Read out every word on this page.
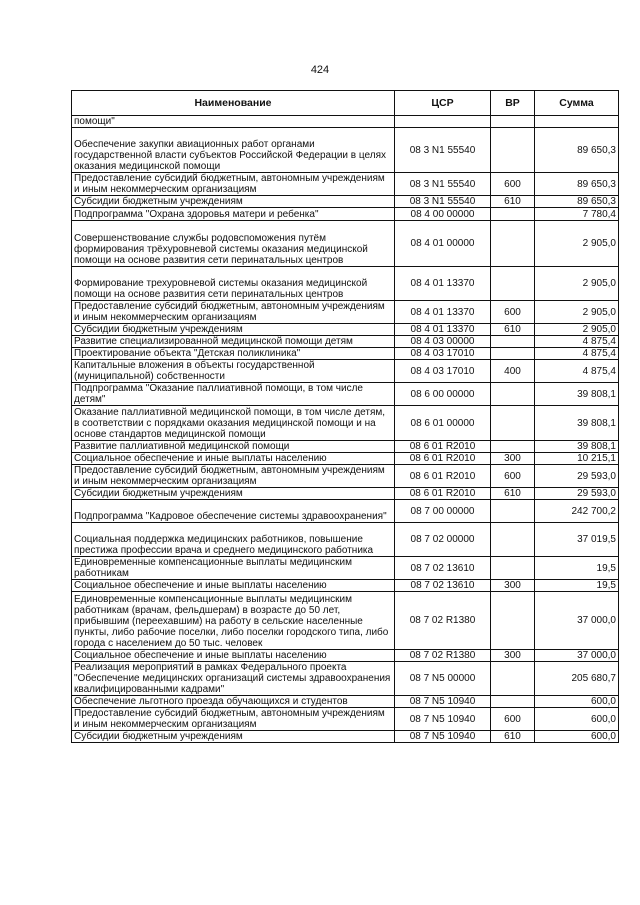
424
Наименование	ЦСР	ВР	Сумма
помощи"			
Обеспечение закупки авиационных работ органами государственной власти субъектов Российской Федерации в целях оказания медицинской помощи	08 3 N1 55540		89 650,3
Предоставление субсидий бюджетным, автономным учреждениям и иным некоммерческим организациям	08 3 N1 55540	600	89 650,3
Субсидии бюджетным учреждениям	08 3 N1 55540	610	89 650,3
Подпрограмма "Охрана здоровья матери и ребенка"	08 4 00 00000		7 780,4
Совершенствование службы родовспоможения путём формирования трёхуровневой системы оказания медицинской помощи на основе развития сети перинатальных центров	08 4 01 00000		2 905,0
Формирование трехуровневой системы оказания медицинской помощи на основе развития сети перинатальных центров	08 4 01 13370		2 905,0
Предоставление субсидий бюджетным, автономным учреждениям и иным некоммерческим организациям	08 4 01 13370	600	2 905,0
Субсидии бюджетным учреждениям	08 4 01 13370	610	2 905,0
Развитие специализированной медицинской помощи детям	08 4 03 00000		4 875,4
Проектирование объекта "Детская поликлиника"	08 4 03 17010		4 875,4
Капитальные вложения в объекты государственной (муниципальной) собственности	08 4 03 17010	400	4 875,4
Подпрограмма "Оказание паллиативной помощи, в том числе детям"	08 6 00 00000		39 808,1
Оказание паллиативной медицинской помощи, в том числе детям, в соответствии с порядками оказания медицинской помощи и на основе стандартов медицинской помощи	08 6 01 00000		39 808,1
Развитие паллиативной медицинской помощи	08 6 01 R2010		39 808,1
Социальное обеспечение и иные выплаты населению	08 6 01 R2010	300	10 215,1
Предоставление субсидий бюджетным, автономным учреждениям и иным некоммерческим организациям	08 6 01 R2010	600	29 593,0
Субсидии бюджетным учреждениям	08 6 01 R2010	610	29 593,0
Подпрограмма "Кадровое обеспечение системы здравоохранения"	08 7 00 00000		242 700,2
Социальная поддержка медицинских работников, повышение престижа профессии врача и среднего медицинского работника	08 7 02 00000		37 019,5
Единовременные компенсационные выплаты медицинским работникам	08 7 02 13610		19,5
Социальное обеспечение и иные выплаты населению	08 7 02 13610	300	19,5
Единовременные компенсационные выплаты медицинским работникам (врачам, фельдшерам) в возрасте до 50 лет, прибывшим (переехавшим) на работу в сельские населенные пункты, либо рабочие поселки, либо поселки городского типа, либо города с населением до 50 тыс. человек	08 7 02 R1380		37 000,0
Социальное обеспечение и иные выплаты населению	08 7 02 R1380	300	37 000,0
Реализация мероприятий в рамках Федерального проекта "Обеспечение медицинских организаций системы здравоохранения квалифицированными кадрами"	08 7 N5 00000		205 680,7
Обеспечение льготного проезда обучающихся и студентов	08 7 N5 10940		600,0
Предоставление субсидий бюджетным, автономным учреждениям и иным некоммерческим организациям	08 7 N5 10940	600	600,0
Субсидии бюджетным учреждениям	08 7 N5 10940	610	600,0
